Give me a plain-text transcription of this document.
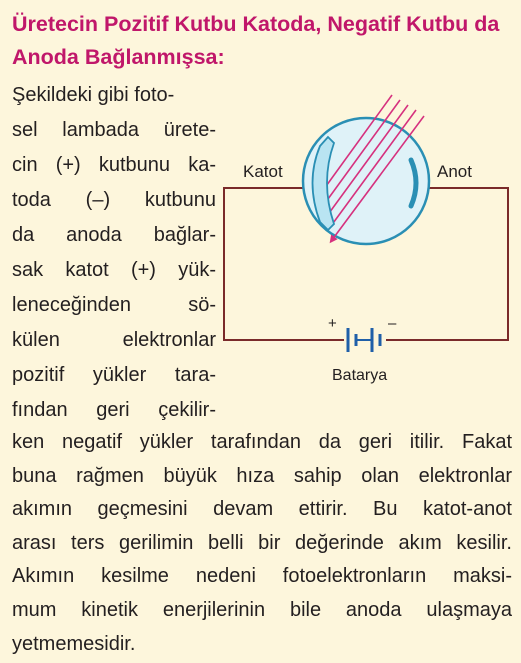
Üretecin Pozitif Kutbu Katoda, Negatif Kutbu da
Anoda Bağlanmışsa:
Şekildeki gibi foto-
sel lambada ürete-
cin (+) kutbunu ka-
toda (–) kutbunu
da anoda bağlar-
sak katot (+) yük-
leneceğinden sö-
külen elektronlar
pozitif yükler tara-
fından geri çekilir-
Katot	Anot
+	–
Batarya
ken negatif yükler tarafından da geri itilir. Fakat
buna rağmen büyük hıza sahip olan elektronlar
akımın geçmesini devam ettirir. Bu katot-anot
arası ters gerilimin belli bir değerinde akım kesilir.
Akımın kesilme nedeni fotoelektronların maksi-
mum kinetik enerjilerinin bile anoda ulaşmaya
yetmemesidir.
